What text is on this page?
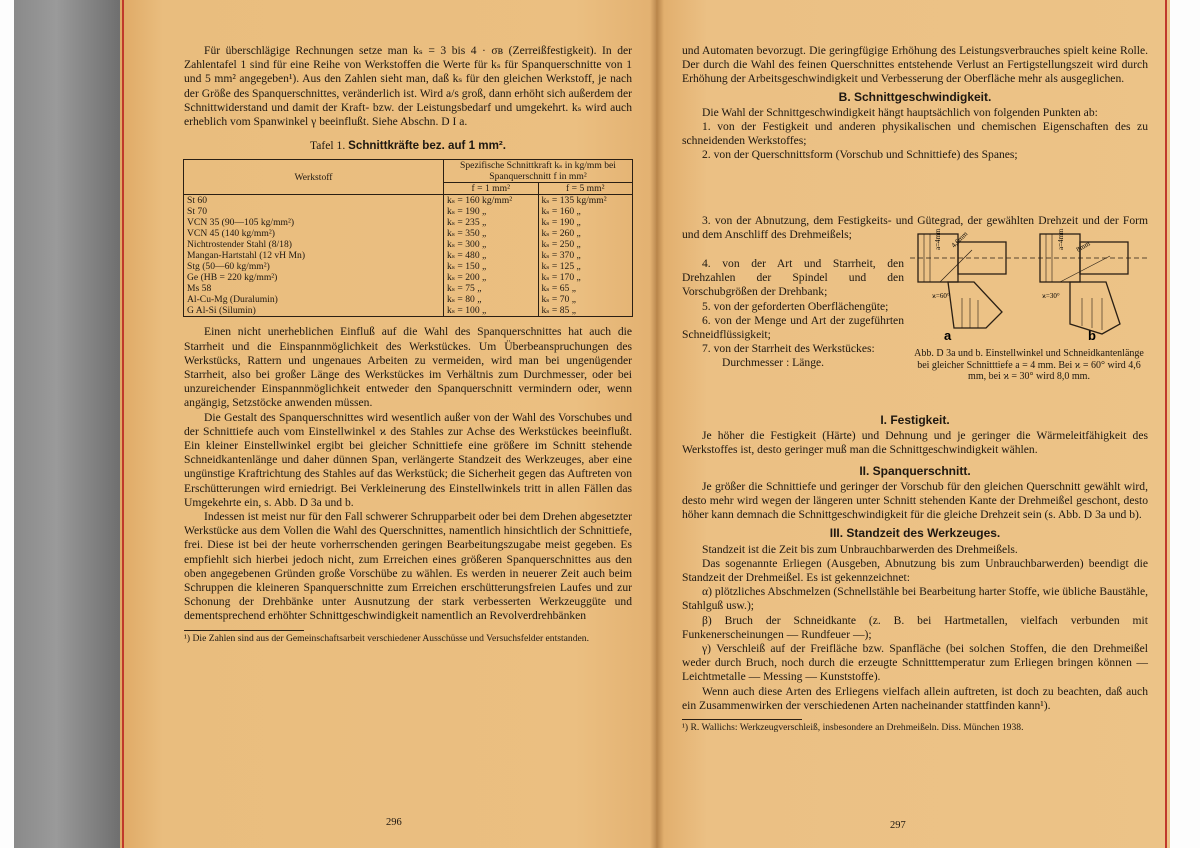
Für überschlägige Rechnungen setze man kₛ = 3 bis 4 · σʙ (Zerreißfestigkeit). In der Zahlentafel 1 sind für eine Reihe von Werkstoffen die Werte für kₛ für Spanquerschnitte von 1 und 5 mm² angegeben¹). Aus den Zahlen sieht man, daß kₛ für den gleichen Werkstoff, je nach der Größe des Spanquerschnittes, veränderlich ist. Wird a/s groß, dann erhöht sich außerdem der Schnittwiderstand und damit der Kraft- bzw. der Leistungsbedarf und umgekehrt. kₛ wird auch erheblich vom Spanwinkel γ beeinflußt. Siehe Abschn. D I a.

Tafel 1. Schnittkräfte bez. auf 1 mm².
Werkstoff	Spezifische Schnittkraft kₛ in kg/mm bei Spanquerschnitt f in mm²	
	f = 1 mm²	f = 5 mm²
St 60	kₛ = 160 kg/mm²	kₛ = 135 kg/mm²
St 70	kₛ = 190 „	kₛ = 160 „
VCN 35 (90—105 kg/mm²)	kₛ = 235 „	kₛ = 190 „
VCN 45 (140 kg/mm²)	kₛ = 350 „	kₛ = 260 „
Nichtrostender Stahl (8/18)	kₛ = 300 „	kₛ = 250 „
Mangan-Hartstahl (12 vH Mn)	kₛ = 480 „	kₛ = 370 „
Stg (50—60 kg/mm²)	kₛ = 150 „	kₛ = 125 „
Ge (HB = 220 kg/mm²)	kₛ = 200 „	kₛ = 170 „
Ms 58	kₛ = 75 „	kₛ = 65 „
Al-Cu-Mg (Duralumin)	kₛ = 80 „	kₛ = 70 „
G Al-Si (Silumin)	kₛ = 100 „	kₛ = 85 „

Einen nicht unerheblichen Einfluß auf die Wahl des Spanquerschnittes hat auch die Starrheit und die Einspannmöglichkeit des Werkstückes. Um Überbeanspruchungen des Werkstücks, Rattern und ungenaues Arbeiten zu vermeiden, wird man bei ungenügender Starrheit, also bei großer Länge des Werkstückes im Verhältnis zum Durchmesser, oder bei unzureichender Einspannmöglichkeit entweder den Spanquerschnitt vermindern oder, wenn angängig, Setzstöcke anwenden müssen.

Die Gestalt des Spanquerschnittes wird wesentlich außer von der Wahl des Vorschubes und der Schnittiefe auch vom Einstellwinkel ϰ des Stahles zur Achse des Werkstückes beeinflußt. Ein kleiner Einstellwinkel ergibt bei gleicher Schnittiefe eine größere im Schnitt stehende Schneidkantenlänge und daher dünnen Span, verlängerte Standzeit des Werkzeuges, aber eine ungünstige Kraftrichtung des Stahles auf das Werkstück; die Sicherheit gegen das Auftreten von Erschütterungen wird erniedrigt. Bei Verkleinerung des Einstellwinkels tritt in allen Fällen das Umgekehrte ein, s. Abb. D 3a und b.

Indessen ist meist nur für den Fall schwerer Schrupparbeit oder bei dem Drehen abgesetzter Werkstücke aus dem Vollen die Wahl des Querschnittes, namentlich hinsichtlich der Schnittiefe, frei. Diese ist bei der heute vorherrschenden geringen Bearbeitungszugabe meist gegeben. Es empfiehlt sich hierbei jedoch nicht, zum Erreichen eines größeren Spanquerschnittes aus den oben angegebenen Gründen große Vorschübe zu wählen. Es werden in neuerer Zeit auch beim Schruppen die kleineren Spanquerschnitte zum Erreichen erschütterungsfreien Laufes und zur Schonung der Drehbänke unter Ausnutzung der stark verbesserten Werkzeuggüte und dementsprechend erhöhter Schnittgeschwindigkeit namentlich an Revolverdrehbänken

¹) Die Zahlen sind aus der Gemeinschaftsarbeit verschiedener Ausschüsse und Versuchsfelder entstanden.

296

und Automaten bevorzugt. Die geringfügige Erhöhung des Leistungsverbrauches spielt keine Rolle. Der durch die Wahl des feinen Querschnittes entstehende Verlust an Fertigstellungszeit wird durch Erhöhung der Arbeitsgeschwindigkeit und Verbesserung der Oberfläche mehr als ausgeglichen.

B. Schnittgeschwindigkeit.

Die Wahl der Schnittgeschwindigkeit hängt hauptsächlich von folgenden Punkten ab:

1. von der Festigkeit und anderen physikalischen und chemischen Eigenschaften des zu schneidenden Werkstoffes;

2. von der Querschnittsform (Vorschub und Schnittiefe) des Spanes;

3. von der Abnutzung, dem Festigkeits- und Gütegrad, der gewählten Drehzeit und der Form und dem Anschliff des Drehmeißels;

4. von der Art und Starrheit, den Drehzahlen der Spindel und den Vorschubgrößen der Drehbank;

5. von der geforderten Oberflächengüte;

6. von der Menge und Art der zugeführten Schneidflüssigkeit;

7. von der Starrheit des Werkstückes:

Durchmesser : Länge.

a=4mm 4,6mm
ϰ=60°
a=4mm 8mm
ϰ=30°
a	b

Abb. D 3a und b. Einstellwinkel und Schneidkantenlänge bei gleicher Schnitttiefe a = 4 mm. Bei ϰ = 60° wird 4,6 mm, bei ϰ = 30° wird 8,0 mm.

I. Festigkeit.

Je höher die Festigkeit (Härte) und Dehnung und je geringer die Wärmeleitfähigkeit des Werkstoffes ist, desto geringer muß man die Schnittgeschwindigkeit wählen.

II. Spanquerschnitt.

Je größer die Schnittiefe und geringer der Vorschub für den gleichen Querschnitt gewählt wird, desto mehr wird wegen der längeren unter Schnitt stehenden Kante der Drehmeißel geschont, desto höher kann demnach die Schnittgeschwindigkeit für die gleiche Drehzeit sein (s. Abb. D 3a und b).

III. Standzeit des Werkzeuges.

Standzeit ist die Zeit bis zum Unbrauchbarwerden des Drehmeißels.

Das sogenannte Erliegen (Ausgeben, Abnutzung bis zum Unbrauchbarwerden) beendigt die Standzeit der Drehmeißel. Es ist gekennzeichnet:

α) plötzliches Abschmelzen (Schnellstähle bei Bearbeitung harter Stoffe, wie übliche Baustähle, Stahlguß usw.);

β) Bruch der Schneidkante (z. B. bei Hartmetallen, vielfach verbunden mit Funkenerscheinungen — Rundfeuer —);

γ) Verschleiß auf der Freifläche bzw. Spanfläche (bei solchen Stoffen, die den Drehmeißel weder durch Bruch, noch durch die erzeugte Schnitttemperatur zum Erliegen bringen können — Leichtmetalle — Messing — Kunststoffe).

Wenn auch diese Arten des Erliegens vielfach allein auftreten, ist doch zu beachten, daß auch ein Zusammenwirken der verschiedenen Arten nacheinander stattfinden kann¹).

¹) R. Wallichs: Werkzeugverschleiß, insbesondere an Drehmeißeln. Diss. München 1938.

297
